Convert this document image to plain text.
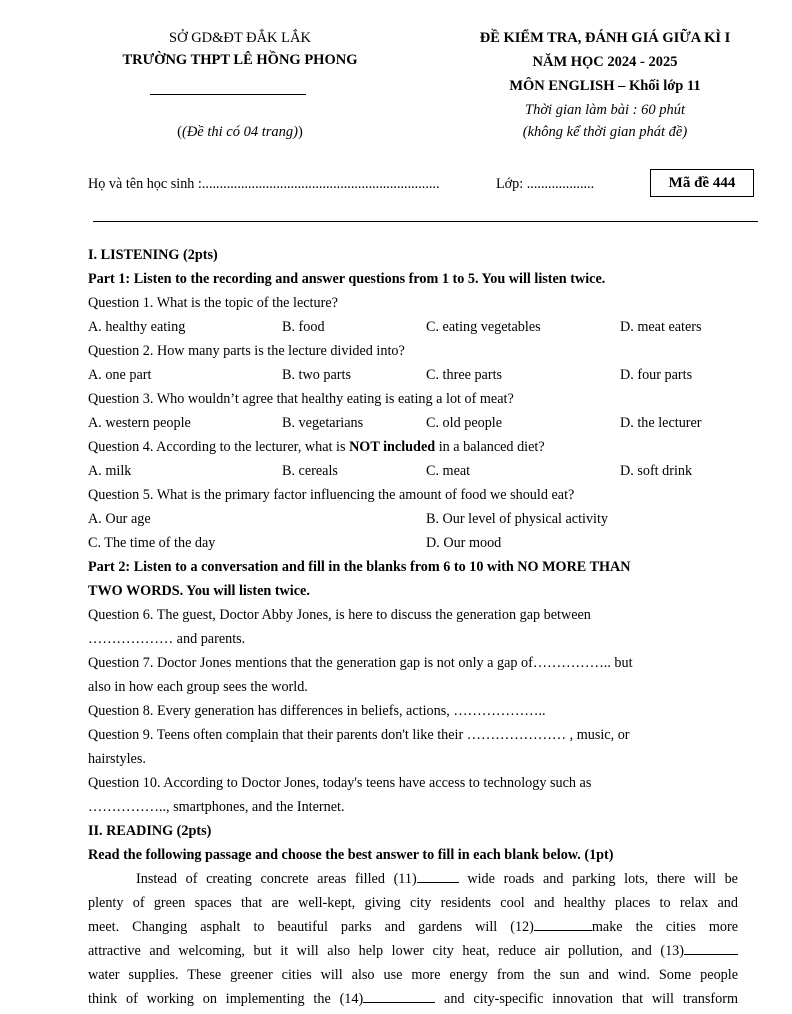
SỞ GD&ĐT ĐẮK LẮK
TRƯỜNG THPT LÊ HỒNG PHONG
((Đề thi có 04 trang))
ĐỀ KIỂM TRA, ĐÁNH GIÁ GIỮA KÌ I
NĂM HỌC 2024 - 2025
MÔN ENGLISH – Khối lớp 11
Thời gian làm bài : 60 phút
(không kể thời gian phát đề)
Họ và tên học sinh :...................................................................	Lớp: ...................	Mã đề 444
I. LISTENING (2pts)
Part 1: Listen to the recording and answer questions from 1 to 5. You will listen twice.
Question 1. What is the topic of the lecture?
A. healthy eating	B. food	C. eating vegetables	D. meat eaters
Question 2. How many parts is the lecture divided into?
A. one part	B. two parts	C. three parts	D. four parts
Question 3. Who wouldn’t agree that healthy eating is eating a lot of meat?
A. western people	B. vegetarians	C. old people	D. the lecturer
Question 4. According to the lecturer, what is NOT included in a balanced diet?
A. milk	B. cereals	C. meat	D. soft drink
Question 5. What is the primary factor influencing the amount of food we should eat?
A. Our age	B. Our level of physical activity
C. The time of the day	D. Our mood
Part 2: Listen to a conversation and fill in the blanks from 6 to 10 with NO MORE THAN
TWO WORDS. You will listen twice.
Question 6. The guest, Doctor Abby Jones, is here to discuss the generation gap between
……………… and parents.
Question 7. Doctor Jones mentions that the generation gap is not only a gap of…………….. but
also in how each group sees the world.
Question 8. Every generation has differences in beliefs, actions, ………………..
Question 9. Teens often complain that their parents don't like their ………………… , music, or
hairstyles.
Question 10. According to Doctor Jones, today's teens have access to technology such as
…………….., smartphones, and the Internet.
II. READING (2pts)
Read the following passage and choose the best answer to fill in each blank below. (1pt)
Instead of creating concrete areas filled (11)	wide roads and parking lots, there will be
plenty of green spaces that are well-kept, giving city residents cool and healthy places to relax and
meet. Changing asphalt to beautiful parks and gardens will (12)	make the cities more
attractive and welcoming, but it will also help lower city heat, reduce air pollution, and (13)
water supplies. These greener cities will also use more energy from the sun and wind. Some people
think of working on implementing the (14)	and city-specific innovation that will transform
